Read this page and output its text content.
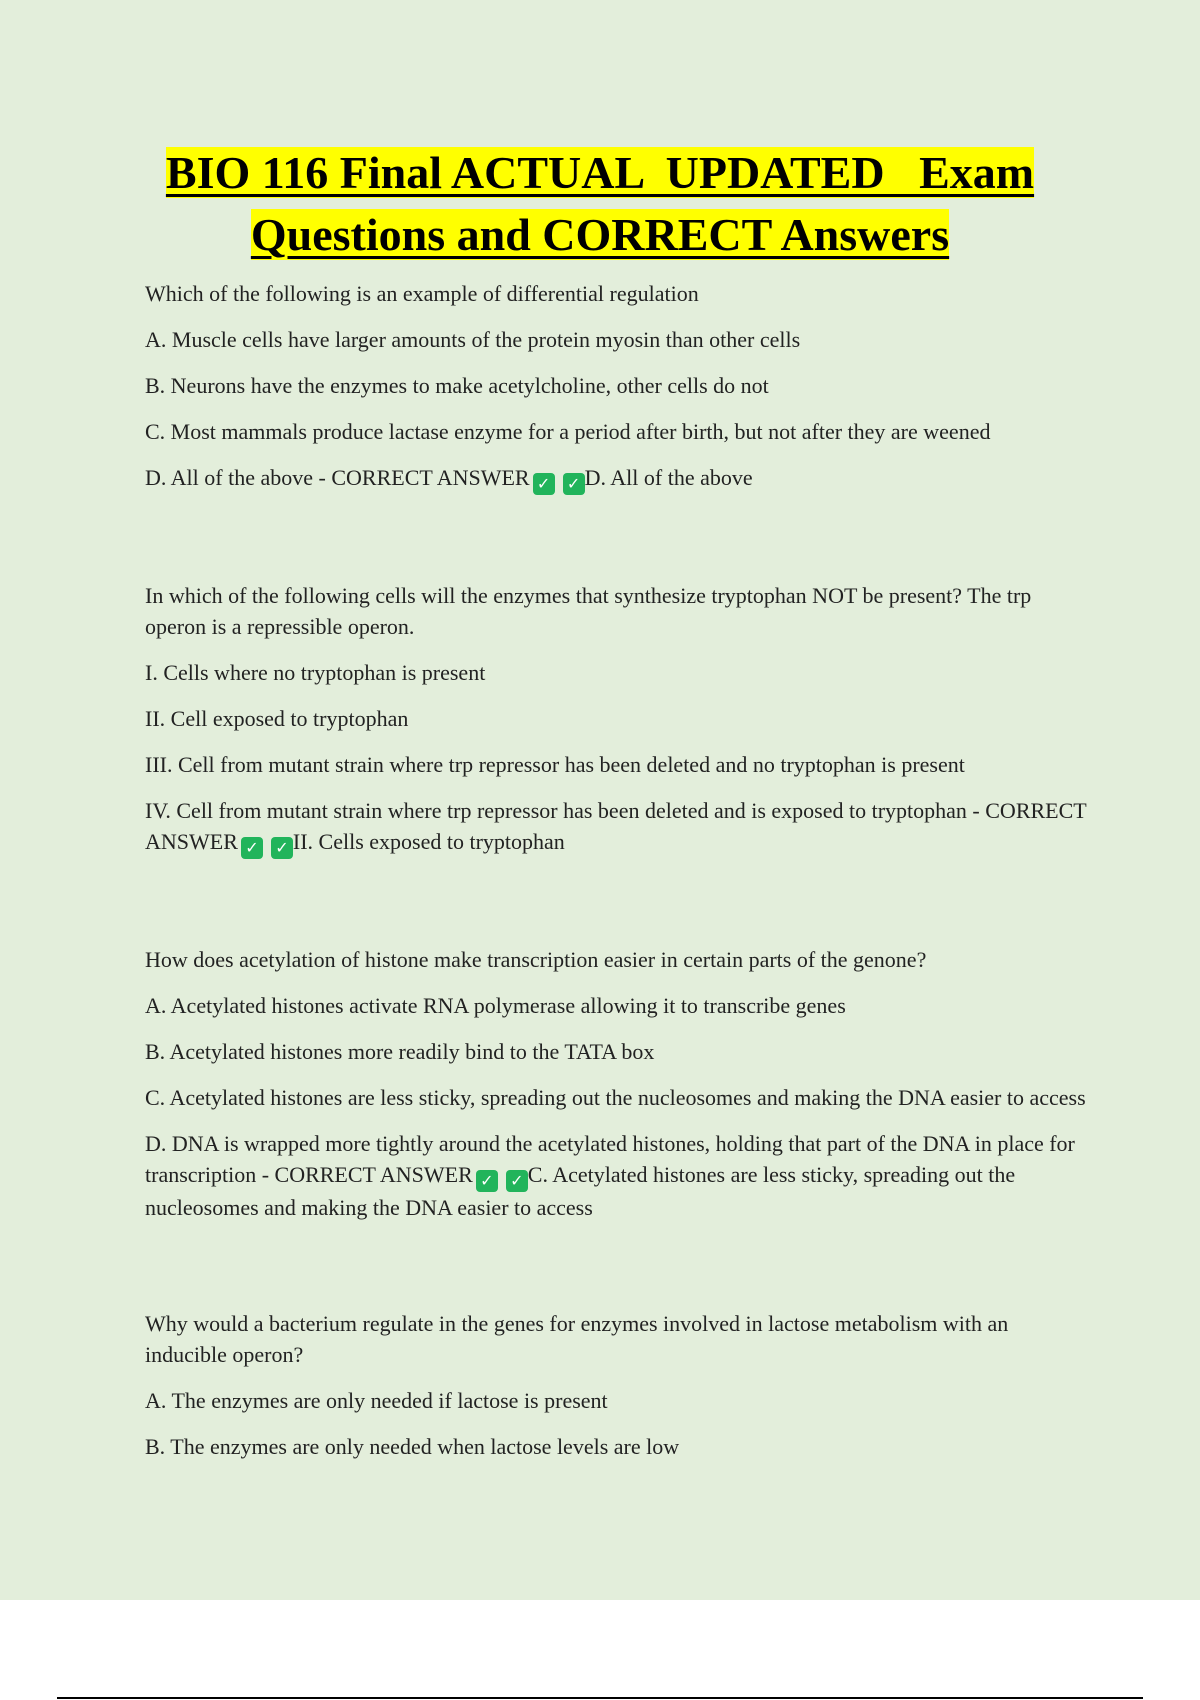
BIO 116 Final ACTUAL  UPDATED   Exam
Questions and CORRECT Answers
Which of the following is an example of differential regulation
A. Muscle cells have larger amounts of the protein myosin than other cells
B. Neurons have the enzymes to make acetylcholine, other cells do not
C. Most mammals produce lactase enzyme for a period after birth, but not after they are weened
D. All of the above - CORRECT ANSWER ✓ ✓ D. All of the above
In which of the following cells will the enzymes that synthesize tryptophan NOT be present? The trp operon is a repressible operon.
I. Cells where no tryptophan is present
II. Cell exposed to tryptophan
III. Cell from mutant strain where trp repressor has been deleted and no tryptophan is present
IV. Cell from mutant strain where trp repressor has been deleted and is exposed to tryptophan - CORRECT ANSWER ✓ ✓ II. Cells exposed to tryptophan
How does acetylation of histone make transcription easier in certain parts of the genone?
A. Acetylated histones activate RNA polymerase allowing it to transcribe genes
B. Acetylated histones more readily bind to the TATA box
C. Acetylated histones are less sticky, spreading out the nucleosomes and making the DNA easier to access
D. DNA is wrapped more tightly around the acetylated histones, holding that part of the DNA in place for transcription - CORRECT ANSWER ✓ ✓ C. Acetylated histones are less sticky, spreading out the nucleosomes and making the DNA easier to access
Why would a bacterium regulate in the genes for enzymes involved in lactose metabolism with an inducible operon?
A. The enzymes are only needed if lactose is present
B. The enzymes are only needed when lactose levels are low
